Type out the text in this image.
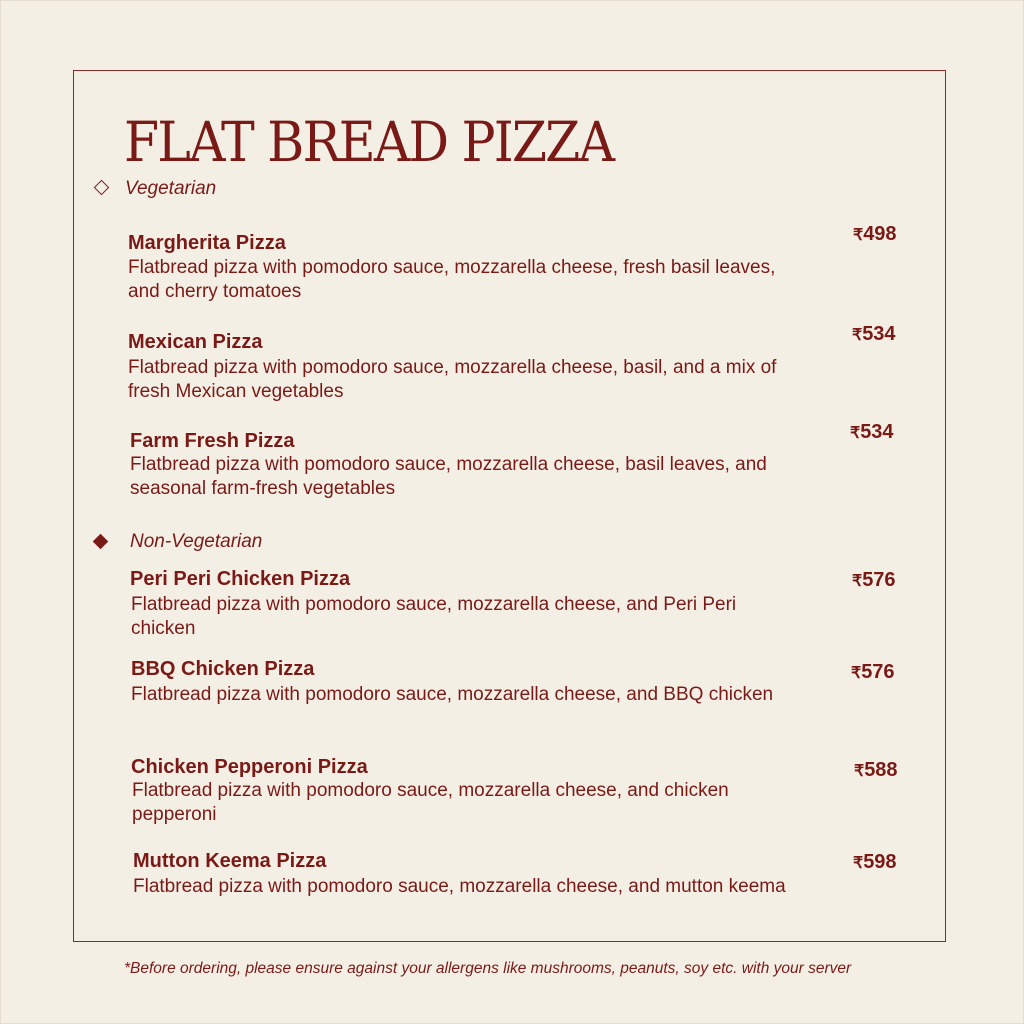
FLAT BREAD PIZZA
Vegetarian
Margherita Pizza
Flatbread pizza with pomodoro sauce, mozzarella cheese, fresh basil leaves, and cherry tomatoes
₹498
Mexican Pizza
Flatbread pizza with pomodoro sauce, mozzarella cheese, basil, and a mix of fresh Mexican vegetables
₹534
Farm Fresh Pizza
Flatbread pizza with pomodoro sauce, mozzarella cheese, basil leaves, and seasonal farm-fresh vegetables
₹534
Non-Vegetarian
Peri Peri Chicken Pizza
Flatbread pizza with pomodoro sauce, mozzarella cheese, and Peri Peri chicken
₹576
BBQ Chicken Pizza
Flatbread pizza with pomodoro sauce, mozzarella cheese, and BBQ chicken
₹576
Chicken Pepperoni Pizza
Flatbread pizza with pomodoro sauce, mozzarella cheese, and chicken pepperoni
₹588
Mutton Keema Pizza
Flatbread pizza with pomodoro sauce, mozzarella cheese, and mutton keema
₹598
*Before ordering, please ensure against your allergens like mushrooms, peanuts, soy etc. with your server
